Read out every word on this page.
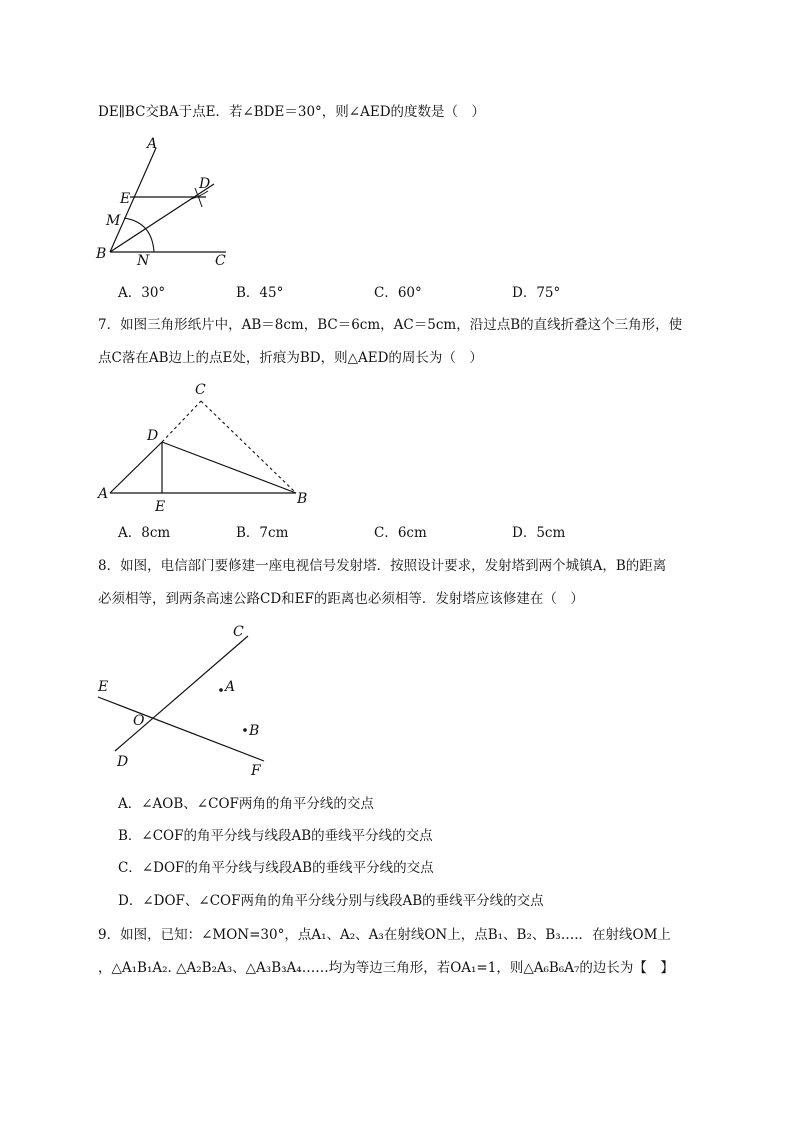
DE∥BC交BA于点E．若∠BDE＝30°，则∠AED的度数是（　）
A
E
D
M
B N	C
C
D
A
E	B
C
E
O
A
B
D
F
A．30°	B．45°	C．60°	D．75°
7．如图三角形纸片中，AB＝8cm，BC＝6cm，AC＝5cm，沿过点B的直线折叠这个三角形，使
点C落在AB边上的点E处，折痕为BD，则△AED的周长为（　）
A．8cm	B．7cm	C．6cm	D．5cm
8．如图，电信部门要修建一座电视信号发射塔．按照设计要求，发射塔到两个城镇A，B的距离
必须相等，到两条高速公路CD和EF的距离也必须相等．发射塔应该修建在（　）
A．∠AOB、∠COF两角的角平分线的交点
B．∠COF的角平分线与线段AB的垂线平分线的交点
C．∠DOF的角平分线与线段AB的垂线平分线的交点
D．∠DOF、∠COF两角的角平分线分别与线段AB的垂线平分线的交点
9．如图，已知：∠MON=30°，点A₁、A₂、A₃在射线ON上，点B₁、B₂、B₃….．在射线OM上
，△A₁B₁A₂. △A₂B₂A₃、△A₃B₃A₄……均为等边三角形，若OA₁=1，则△A₆B₆A₇的边长为【　】
